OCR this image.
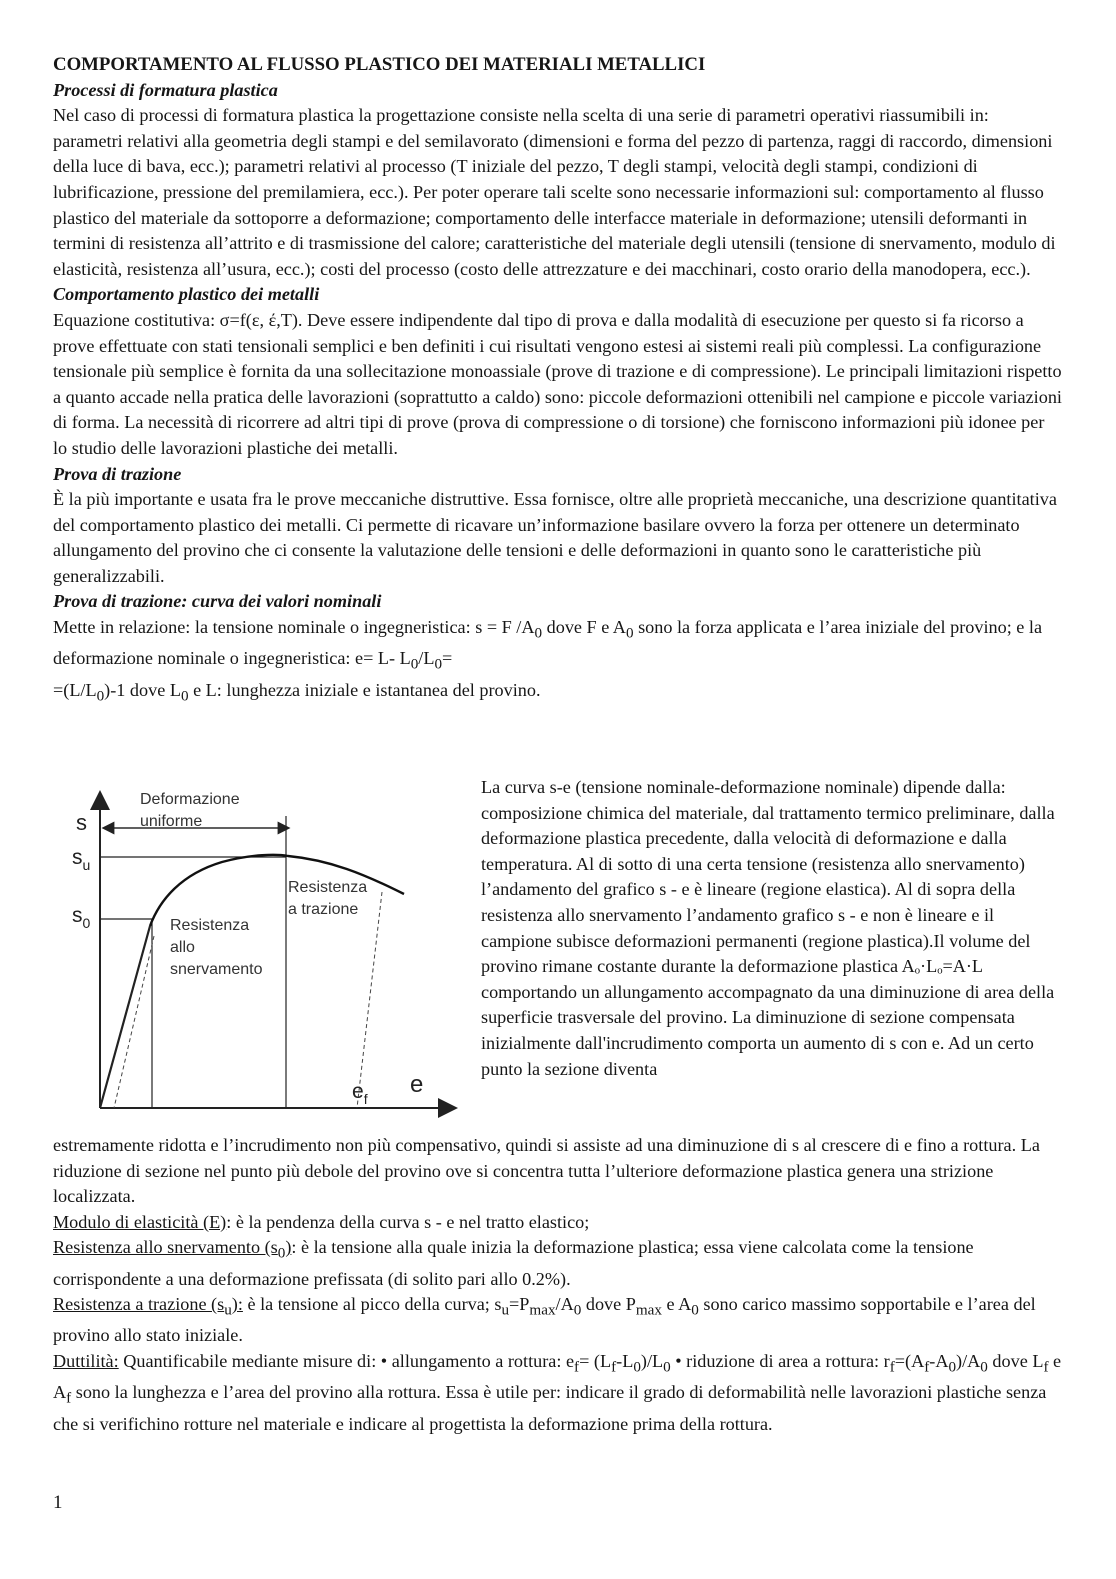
COMPORTAMENTO AL FLUSSO PLASTICO DEI MATERIALI METALLICI

Processi di formatura plastica

Nel caso di processi di formatura plastica la progettazione consiste nella scelta di una serie di parametri operativi riassumibili in: parametri relativi alla geometria degli stampi e del semilavorato (dimensioni e forma del pezzo di partenza, raggi di raccordo, dimensioni della luce di bava, ecc.); parametri relativi al processo (T iniziale del pezzo, T degli stampi, velocità degli stampi, condizioni di lubrificazione, pressione del premilamiera, ecc.). Per poter operare tali scelte sono necessarie informazioni sul: comportamento al flusso plastico del materiale da sottoporre a deformazione; comportamento delle interfacce materiale in deformazione; utensili deformanti in termini di resistenza all’attrito e di trasmissione del calore; caratteristiche del materiale degli utensili (tensione di snervamento, modulo di elasticità, resistenza all’usura, ecc.); costi del processo (costo delle attrezzature e dei macchinari, costo orario della manodopera, ecc.).

Comportamento plastico dei metalli

Equazione costitutiva: σ=f(ε, έ,T). Deve essere indipendente dal tipo di prova e dalla modalità di esecuzione per questo si fa ricorso a prove effettuate con stati tensionali semplici e ben definiti i cui risultati vengono estesi ai sistemi reali più complessi. La configurazione tensionale più semplice è fornita da una sollecitazione monoassiale (prove di trazione e di compressione). Le principali limitazioni rispetto a quanto accade nella pratica delle lavorazioni (soprattutto a caldo) sono: piccole deformazioni ottenibili nel campione e piccole variazioni di forma. La necessità di ricorrere ad altri tipi di prove (prova di compressione o di torsione) che forniscono informazioni più idonee per lo studio delle lavorazioni plastiche dei metalli.

Prova di trazione

È la più importante e usata fra le prove meccaniche distruttive. Essa fornisce, oltre alle proprietà meccaniche, una descrizione quantitativa del comportamento plastico dei metalli. Ci permette di ricavare un’informazione basilare ovvero la forza per ottenere un determinato allungamento del provino che ci consente la valutazione delle tensioni e delle deformazioni in quanto sono le caratteristiche più generalizzabili.

Prova di trazione: curva dei valori nominali

Mette in relazione: la tensione nominale o ingegneristica: s = F $/A_0$ dove F e $A_0$ sono la forza applicata e l’area iniziale del provino; e la deformazione nominale o ingegneristica: e= L- $L_0/L_0=$
$=(L/L_0)-1$ dove $L_0$ e L: lunghezza iniziale e istantanea del provino.

Deformazione
uniforme
s
$s_u$
$s_0$
Resistenza
a trazione
Resistenza
allo
snervamento
e
$e_f$

La curva s-e (tensione nominale-deformazione nominale) dipende dalla: composizione chimica del materiale, dal trattamento termico preliminare, dalla deformazione plastica precedente, dalla velocità di deformazione e dalla temperatura. Al di sotto di una certa tensione (resistenza allo snervamento) l’andamento del grafico s - e è lineare (regione elastica). Al di sopra della resistenza allo snervamento l’andamento grafico s - e non è lineare e il campione subisce deformazioni permanenti (regione plastica).Il volume del provino rimane costante durante la deformazione plastica Aₒ·Lₒ=A·L comportando un allungamento accompagnato da una diminuzione di area della superficie trasversale del provino. La diminuzione di sezione compensata inizialmente dall'incrudimento comporta un aumento di s con e. Ad un certo punto la sezione diventa

estremamente ridotta e l’incrudimento non più compensativo, quindi si assiste ad una diminuzione di s al crescere di e fino a rottura. La riduzione di sezione nel punto più debole del provino ove si concentra tutta l’ulteriore deformazione plastica genera una strizione localizzata.

Modulo di elasticità (E): è la pendenza della curva s - e nel tratto elastico;

Resistenza allo snervamento $(s_0)$: è la tensione alla quale inizia la deformazione plastica; essa viene calcolata come la tensione corrispondente a una deformazione prefissata (di solito pari allo 0.2%).

Resistenza a trazione $(s_u)$: è la tensione al picco della curva; $s_u=P_{max}/A_0$ dove $P_{max}$ e $A_0$ sono carico massimo sopportabile e l’area del provino allo stato iniziale.

Duttilità: Quantificabile mediante misure di: • allungamento a rottura: $e_f= (L_f-L_0)/L_0$ • riduzione di area a rottura: $r_f=(A_f-A_0)/A_0$ dove $L_f$ e $A_f$ sono la lunghezza e l’area del provino alla rottura. Essa è utile per: indicare il grado di deformabilità nelle lavorazioni plastiche senza che si verifichino rotture nel materiale e indicare al progettista la deformazione prima della rottura.

1
